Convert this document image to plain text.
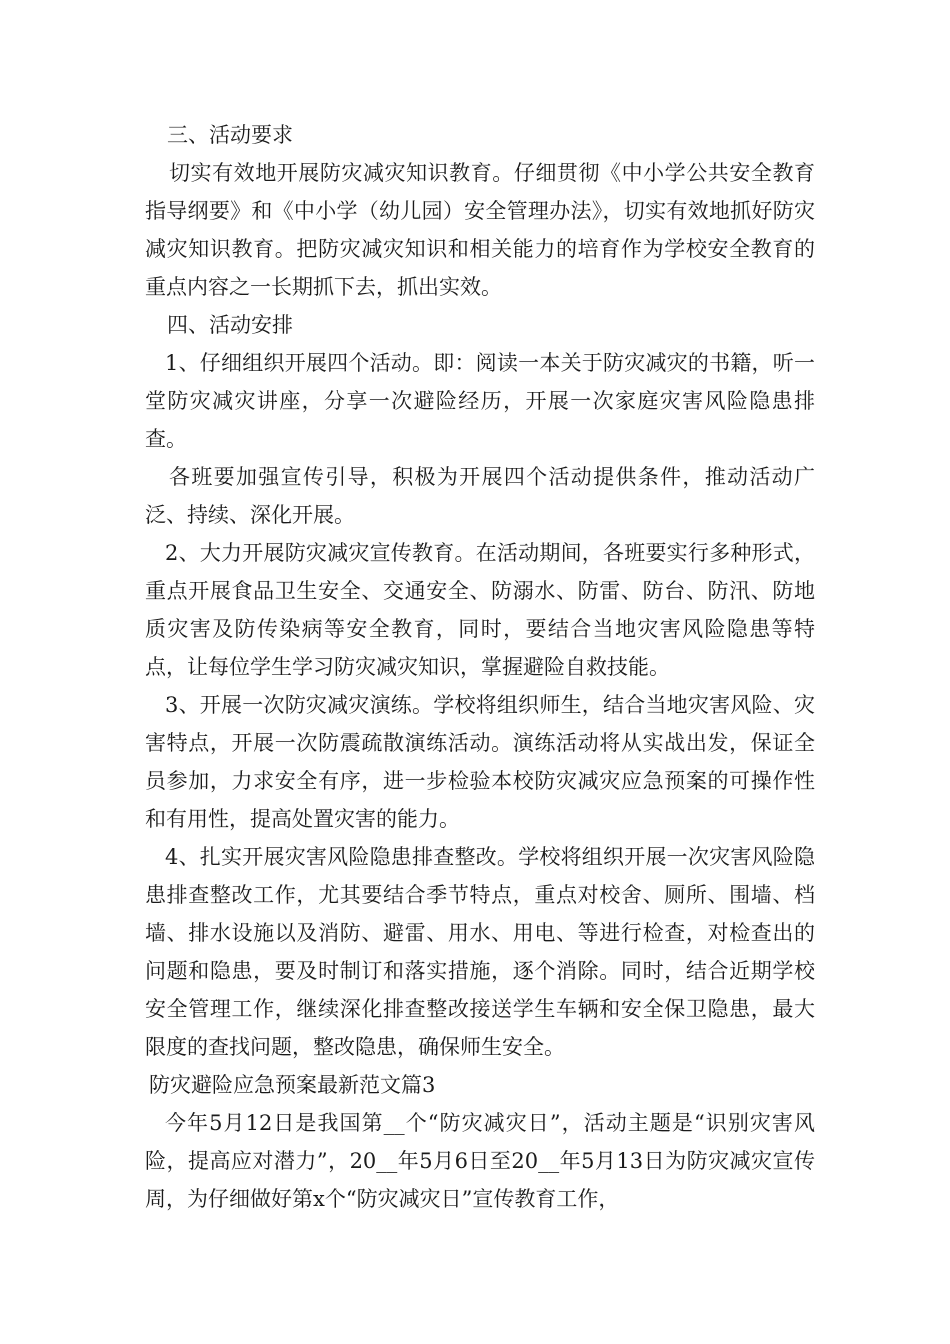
三、活动要求

切实有效地开展防灾减灾知识教育。仔细贯彻《中小学公共安全教育指导纲要》和《中小学（幼儿园）安全管理办法》，切实有效地抓好防灾减灾知识教育。把防灾减灾知识和相关能力的培育作为学校安全教育的重点内容之一长期抓下去，抓出实效。

四、活动安排

1、仔细组织开展四个活动。即：阅读一本关于防灾减灾的书籍，听一堂防灾减灾讲座，分享一次避险经历，开展一次家庭灾害风险隐患排查。

各班要加强宣传引导，积极为开展四个活动提供条件，推动活动广泛、持续、深化开展。

2、大力开展防灾减灾宣传教育。在活动期间，各班要实行多种形式，重点开展食品卫生安全、交通安全、防溺水、防雷、防台、防汛、防地质灾害及防传染病等安全教育，同时，要结合当地灾害风险隐患等特点，让每位学生学习防灾减灾知识，掌握避险自救技能。

3、开展一次防灾减灾演练。学校将组织师生，结合当地灾害风险、灾害特点，开展一次防震疏散演练活动。演练活动将从实战出发，保证全员参加，力求安全有序，进一步检验本校防灾减灾应急预案的可操作性和有用性，提高处置灾害的能力。

4、扎实开展灾害风险隐患排查整改。学校将组织开展一次灾害风险隐患排查整改工作，尤其要结合季节特点，重点对校舍、厕所、围墙、档墙、排水设施以及消防、避雷、用水、用电、等进行检查，对检查出的问题和隐患，要及时制订和落实措施，逐个消除。同时，结合近期学校安全管理工作，继续深化排查整改接送学生车辆和安全保卫隐患，最大限度的查找问题，整改隐患，确保师生安全。

防灾避险应急预案最新范文篇3

今年5月12日是我国第__个“防灾减灾日”，活动主题是“识别灾害风险，提高应对潜力”，20__年5月6日至20__年5月13日为防灾减灾宣传周，为仔细做好第x个“防灾减灾日”宣传教育工作，
